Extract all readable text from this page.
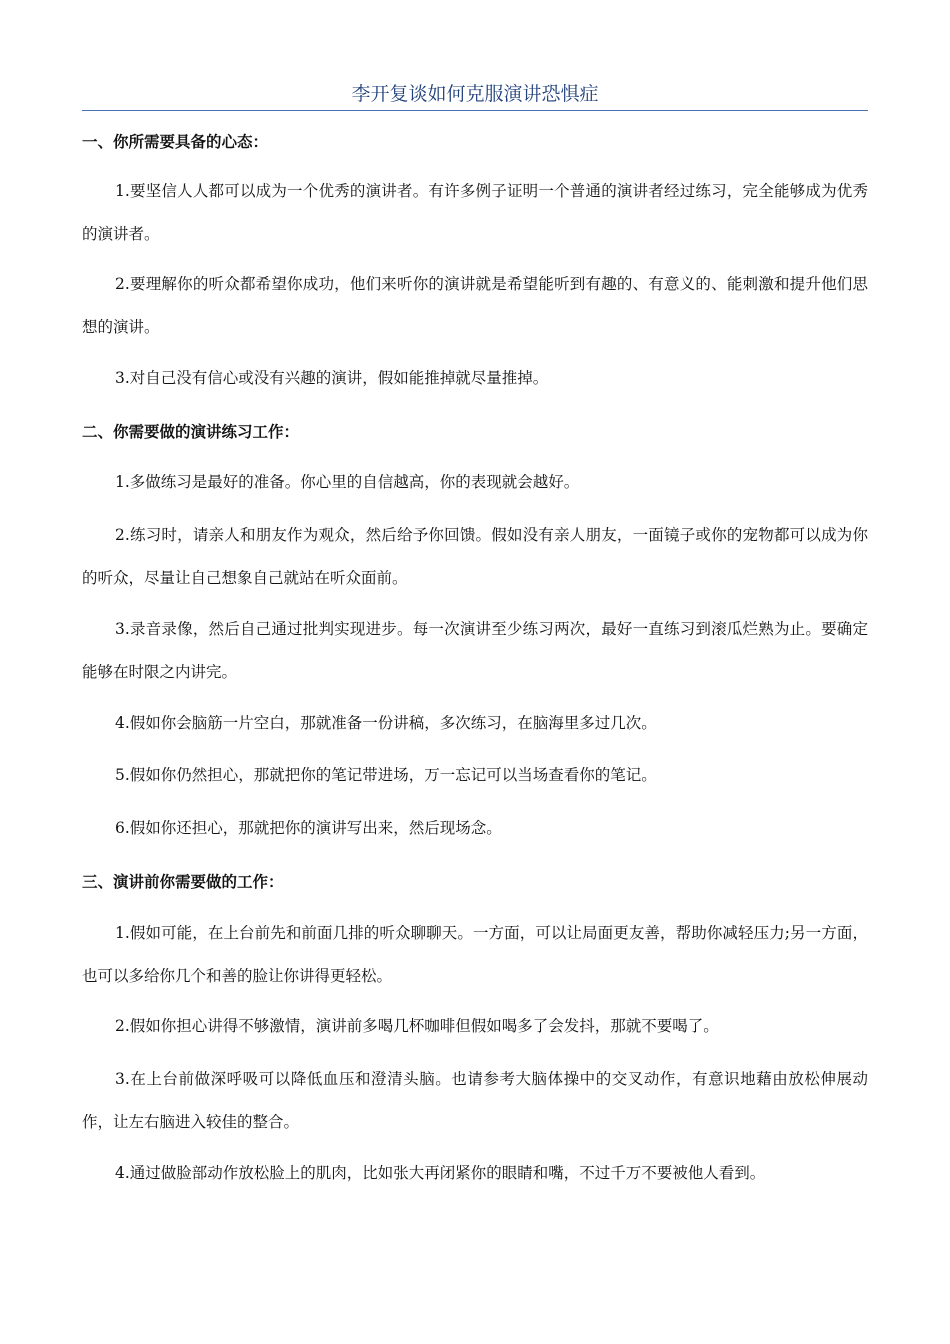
李开复谈如何克服演讲恐惧症
一、你所需要具备的心态：

1.要坚信人人都可以成为一个优秀的演讲者。有许多例子证明一个普通的演讲者经过练习，完全能够成为优秀的演讲者。

2.要理解你的听众都希望你成功，他们来听你的演讲就是希望能听到有趣的、有意义的、能刺激和提升他们思想的演讲。

3.对自己没有信心或没有兴趣的演讲，假如能推掉就尽量推掉。

二、你需要做的演讲练习工作：

1.多做练习是最好的准备。你心里的自信越高，你的表现就会越好。

2.练习时，请亲人和朋友作为观众，然后给予你回馈。假如没有亲人朋友，一面镜子或你的宠物都可以成为你的听众，尽量让自己想象自己就站在听众面前。

3.录音录像，然后自己通过批判实现进步。每一次演讲至少练习两次，最好一直练习到滚瓜烂熟为止。要确定能够在时限之内讲完。

4.假如你会脑筋一片空白，那就准备一份讲稿，多次练习，在脑海里多过几次。

5.假如你仍然担心，那就把你的笔记带进场，万一忘记可以当场查看你的笔记。

6.假如你还担心，那就把你的演讲写出来，然后现场念。

三、演讲前你需要做的工作：

1.假如可能，在上台前先和前面几排的听众聊聊天。一方面，可以让局面更友善，帮助你减轻压力;另一方面，也可以多给你几个和善的脸让你讲得更轻松。

2.假如你担心讲得不够激情，演讲前多喝几杯咖啡但假如喝多了会发抖，那就不要喝了。

3.在上台前做深呼吸可以降低血压和澄清头脑。也请参考大脑体操中的交叉动作，有意识地藉由放松伸展动作，让左右脑进入较佳的整合。

4.通过做脸部动作放松脸上的肌肉，比如张大再闭紧你的眼睛和嘴，不过千万不要被他人看到。
